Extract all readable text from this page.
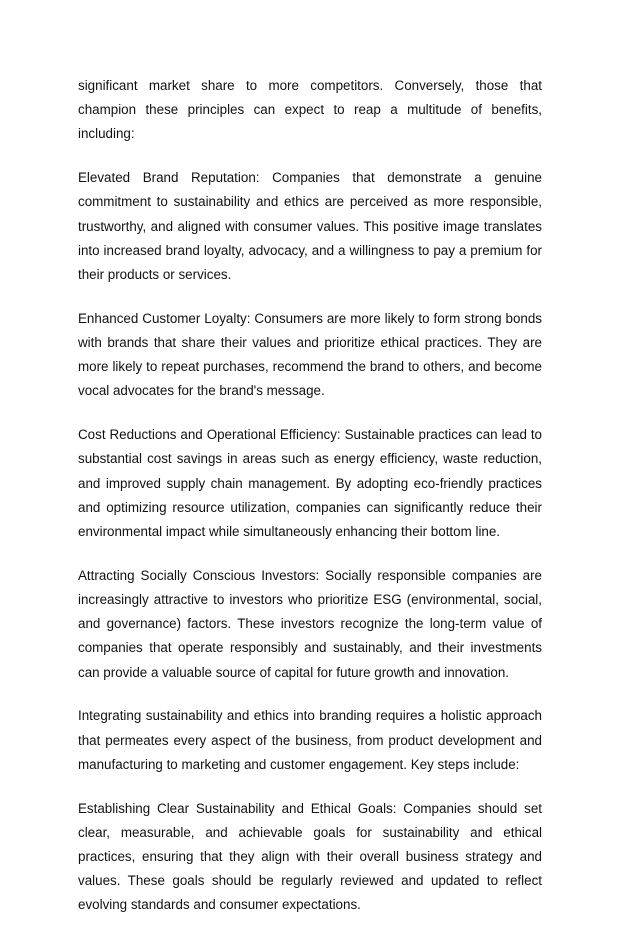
significant market share to more competitors. Conversely, those that champion these principles can expect to reap a multitude of benefits, including:

Elevated Brand Reputation: Companies that demonstrate a genuine commitment to sustainability and ethics are perceived as more responsible, trustworthy, and aligned with consumer values. This positive image translates into increased brand loyalty, advocacy, and a willingness to pay a premium for their products or services.

Enhanced Customer Loyalty: Consumers are more likely to form strong bonds with brands that share their values and prioritize ethical practices. They are more likely to repeat purchases, recommend the brand to others, and become vocal advocates for the brand's message.

Cost Reductions and Operational Efficiency: Sustainable practices can lead to substantial cost savings in areas such as energy efficiency, waste reduction, and improved supply chain management. By adopting eco-friendly practices and optimizing resource utilization, companies can significantly reduce their environmental impact while simultaneously enhancing their bottom line.

Attracting Socially Conscious Investors: Socially responsible companies are increasingly attractive to investors who prioritize ESG (environmental, social, and governance) factors. These investors recognize the long-term value of companies that operate responsibly and sustainably, and their investments can provide a valuable source of capital for future growth and innovation.

Integrating sustainability and ethics into branding requires a holistic approach that permeates every aspect of the business, from product development and manufacturing to marketing and customer engagement. Key steps include:

Establishing Clear Sustainability and Ethical Goals: Companies should set clear, measurable, and achievable goals for sustainability and ethical practices, ensuring that they align with their overall business strategy and values. These goals should be regularly reviewed and updated to reflect evolving standards and consumer expectations.
